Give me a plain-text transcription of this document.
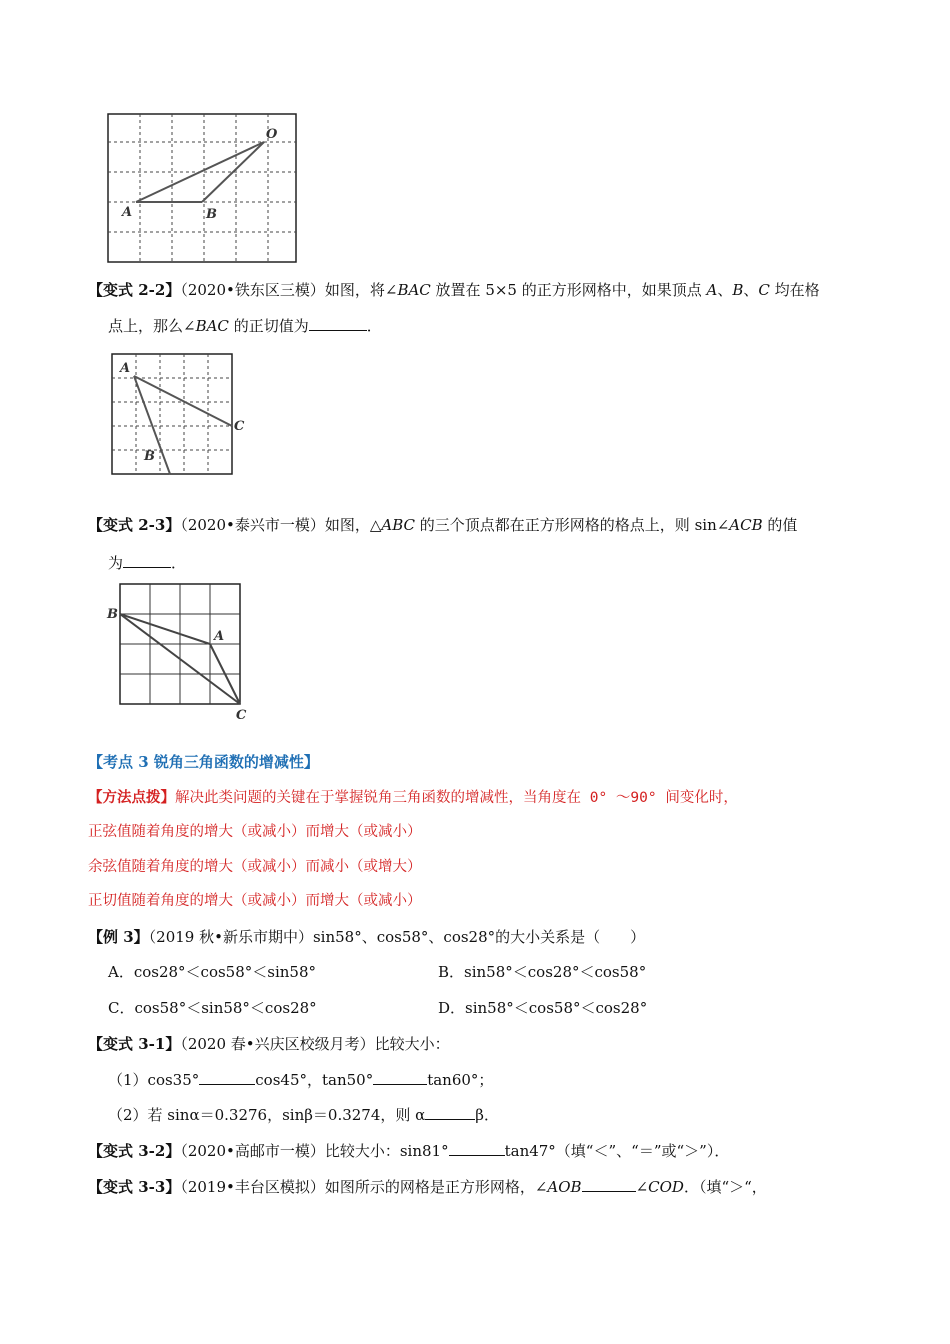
O
A	B
【变式 2-2】（2020•铁东区三模）如图，将∠BAC 放置在 5×5 的正方形网格中，如果顶点 A、B、C 均在格
点上，那么∠BAC 的正切值为	．
A
B
C
【变式 2-3】（2020•泰兴市一模）如图，△ABC 的三个顶点都在正方形网格的格点上，则 sin∠ACB 的值
为	．
B
A
C
【考点 3 锐角三角函数的增减性】
【方法点拨】解决此类问题的关键在于掌握锐角三角函数的增减性，当角度在 0° ～90° 间变化时，
正弦值随着角度的增大（或减小）而增大（或减小）
余弦值随着角度的增大（或减小）而减小（或增大）
正切值随着角度的增大（或减小）而增大（或减小）
【例 3】（2019 秋•新乐市期中）sin58°、cos58°、cos28°的大小关系是（　　）
A．cos28°＜cos58°＜sin58°	B．sin58°＜cos28°＜cos58°
C．cos58°＜sin58°＜cos28°	D．sin58°＜cos58°＜cos28°
【变式 3-1】（2020 春•兴庆区校级月考）比较大小：
（1）cos35°	cos45°，tan50°	tan60°；
（2）若 sinα＝0.3276，sinβ＝0.3274，则 α	β．
【变式 3-2】（2020•高邮市一模）比较大小：sin81°	tan47°（填“＜”、“＝”或“＞”）．
【变式 3-3】（2019•丰台区模拟）如图所示的网格是正方形网格，∠AOB	∠COD．（填“＞“，
